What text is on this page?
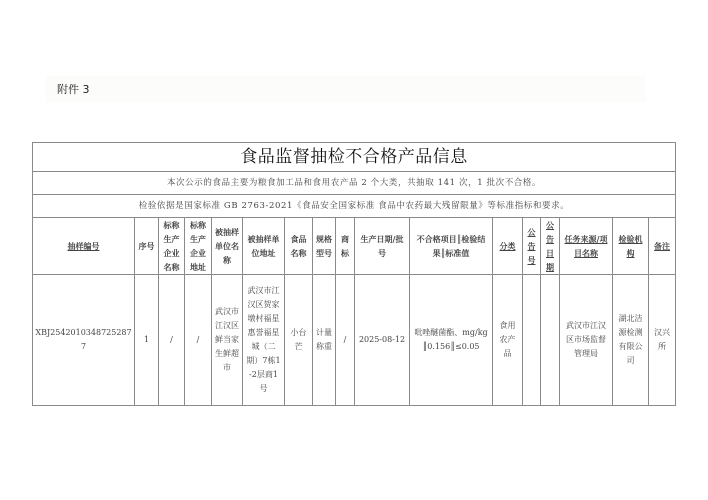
附件 3
食品监督抽检不合格产品信息																
本次公示的食品主要为粮食加工品和食用农产品 2 个大类，共抽取 141 次，1 批次不合格。																
检验依据是国家标准 GB 2763-2021《食品安全国家标准 食品中农药最大残留限量》等标准指标和要求。																
抽样编号	序号	标称生产企业名称	标称生产企业地址	被抽样单位名称	被抽样单位地址	食品名称	规格型号	商标	生产日期/批号	不合格项目║检验结果║标准值	分类	公告号	公告日期	任务来源/项目名称	检验机构	备注
XBJ25420103487252877	1	/	/	武汉市江汉区鲜当家生鲜超市	武汉市江汉区贺家墩村福星惠誉福星城（二期）7栋1-2层商1号	小台芒	计量称重	/	2025-08-12	吡唑醚菌酯、mg/kg║0.156║≤0.05	食用农产品			武汉市江汉区市场监督管理局	湖北洁源检测有限公司	汉兴所
